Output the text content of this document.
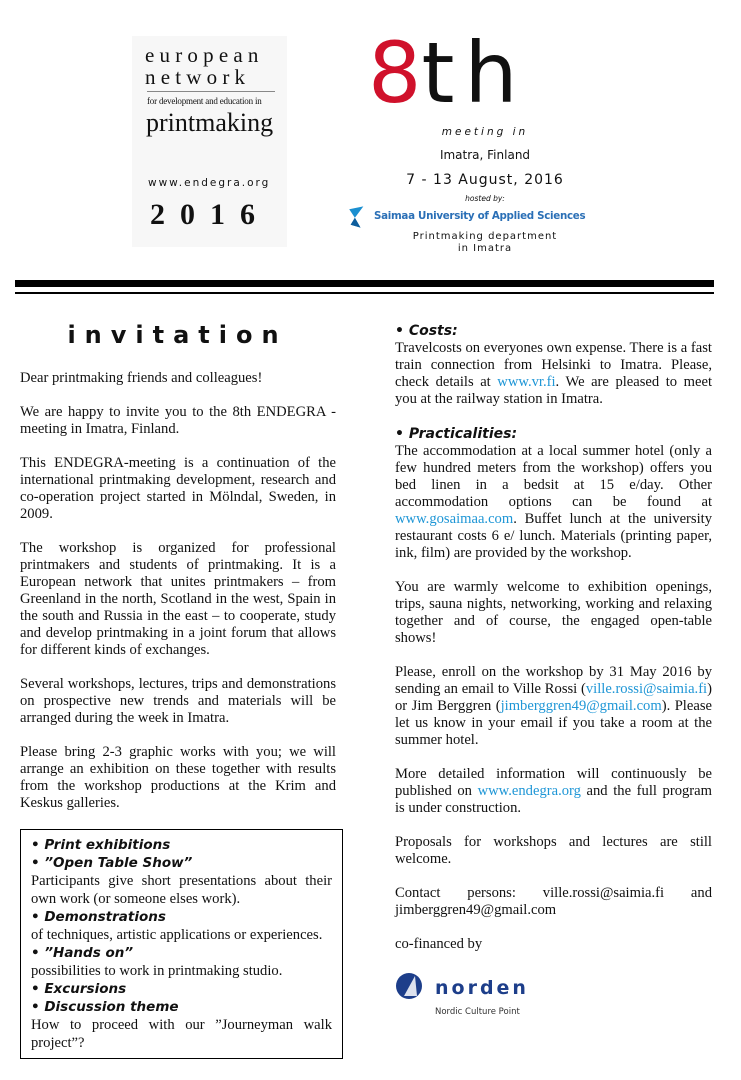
european
network
for development and education in
printmaking
www.endegra.org
2016
8th
meeting in
Imatra, Finland
7 - 13 August, 2016
hosted by:
Saimaa University of Applied Sciences
Printmaking department
in Imatra
invitation

Dear printmaking friends and colleagues!

We are happy to invite you to the 8th ENDEGRA -meeting in Imatra, Finland.

This ENDEGRA-meeting is a continuation of the international printmaking development, research and co-operation project started in Mölndal, Sweden, in 2009.

The workshop is organized for professional printmakers and students of printmaking. It is a European network that unites printmakers – from Greenland in the north, Scotland in the west, Spain in the south and Russia in the east – to cooperate, study and develop printmaking in a joint forum that allows for different kinds of exchanges.

Several workshops, lectures, trips and demonstrations on prospective new trends and materials will be arranged during the week in Imatra.

Please bring 2-3 graphic works with you; we will arrange an exhibition on these together with results from the workshop productions at the Krim and Keskus galleries.

• Print exhibitions
• ”Open Table Show”
Participants give short presentations about their own work (or someone elses work).
• Demonstrations
of techniques, artistic applications or experiences.
• ”Hands on”
possibilities to work in printmaking studio.
• Excursions
• Discussion theme
How to proceed with our ”Journeyman walk project”?

• Costs:
Travelcosts on everyones own expense. There is a fast train connection from Helsinki to Imatra. Please, check details at www.vr.fi. We are pleased to meet you at the railway station in Imatra.

• Practicalities:
The accommodation at a local summer hotel (only a few hundred meters from the workshop) offers you bed linen in a bedsit at 15 e/day. Other accommodation options can be found at www.gosaimaa.com. Buffet lunch at the university restaurant costs 6 e/ lunch. Materials (printing paper, ink, film) are provided by the workshop.

You are warmly welcome to exhibition openings, trips, sauna nights, networking, working and relaxing together and of course, the engaged open-table shows!

Please, enroll on the workshop by 31 May 2016 by sending an email to Ville Rossi (ville.rossi@saimia.fi) or Jim Berggren (jimberggren49@gmail.com). Please let us know in your email if you take a room at the summer hotel.

More detailed information will continuously be published on www.endegra.org and the full program is under construction.

Proposals for workshops and lectures are still welcome.

Contact persons: ville.rossi@saimia.fi and jimberggren49@gmail.com

co-financed by

norden
Nordic Culture Point
